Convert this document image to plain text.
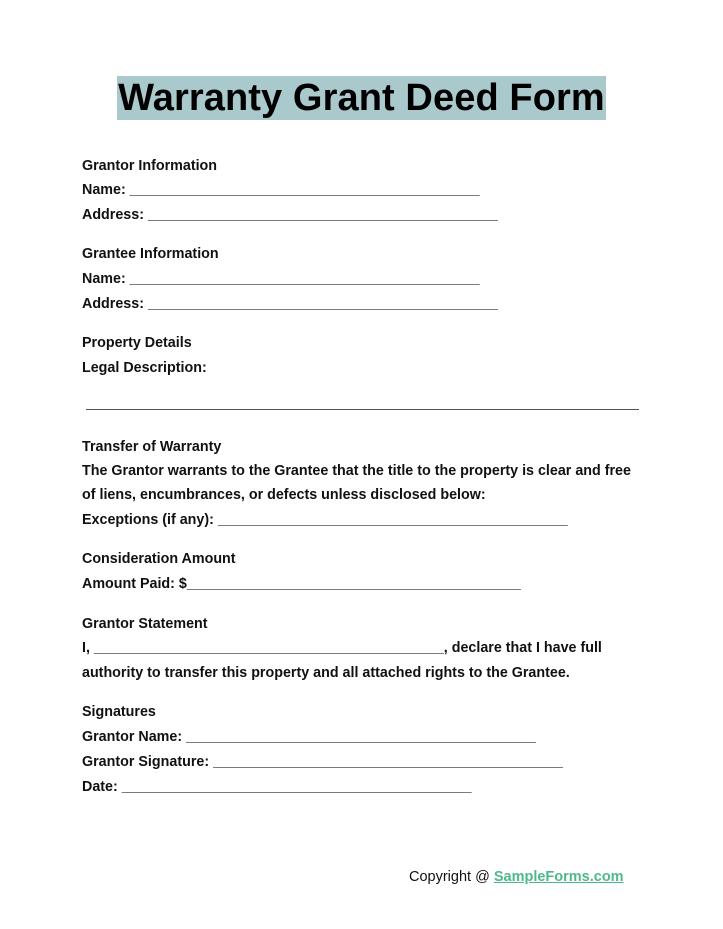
Warranty Grant Deed Form
Grantor Information
Name: ____________________________________________
Address: ____________________________________________
Grantee Information
Name: ____________________________________________
Address: ____________________________________________
Property Details
Legal Description:
Transfer of Warranty
The Grantor warrants to the Grantee that the title to the property is clear and free
of liens, encumbrances, or defects unless disclosed below:
Exceptions (if any): ____________________________________________
Consideration Amount
Amount Paid: $__________________________________________
Grantor Statement
I, ____________________________________________, declare that I have full
authority to transfer this property and all attached rights to the Grantee.
Signatures
Grantor Name: ____________________________________________
Grantor Signature: ____________________________________________
Date: ____________________________________________
Copyright @ SampleForms.com
